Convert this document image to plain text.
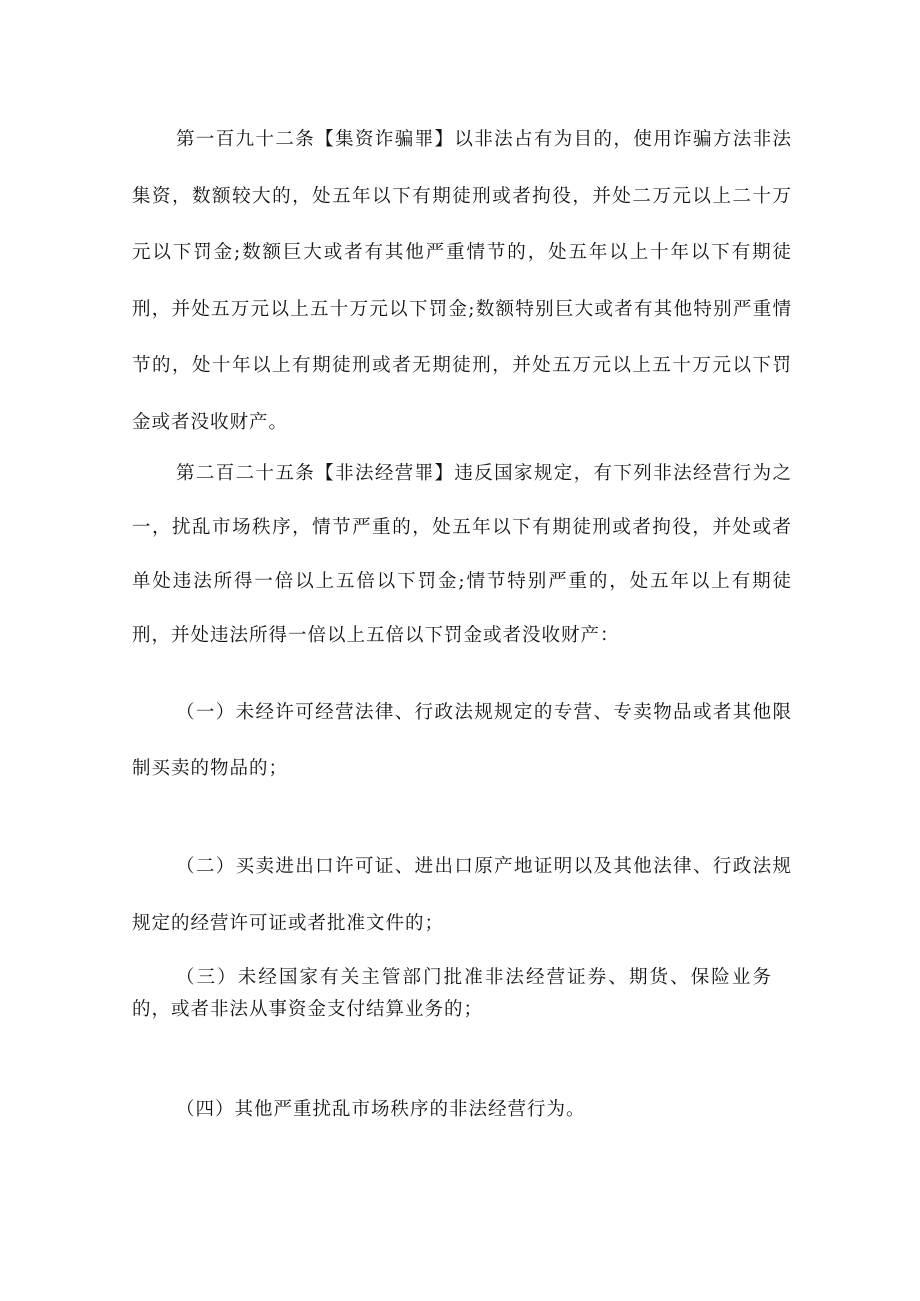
第一百九十二条【集资诈骗罪】以非法占有为目的，使用诈骗方法非法集资，数额较大的，处五年以下有期徒刑或者拘役，并处二万元以上二十万元以下罚金;数额巨大或者有其他严重情节的，处五年以上十年以下有期徒刑，并处五万元以上五十万元以下罚金;数额特别巨大或者有其他特别严重情节的，处十年以上有期徒刑或者无期徒刑，并处五万元以上五十万元以下罚金或者没收财产。

第二百二十五条【非法经营罪】违反国家规定，有下列非法经营行为之一，扰乱市场秩序，情节严重的，处五年以下有期徒刑或者拘役，并处或者单处违法所得一倍以上五倍以下罚金;情节特别严重的，处五年以上有期徒刑，并处违法所得一倍以上五倍以下罚金或者没收财产：

（一）未经许可经营法律、行政法规规定的专营、专卖物品或者其他限制买卖的物品的；

（二）买卖进出口许可证、进出口原产地证明以及其他法律、行政法规规定的经营许可证或者批准文件的；

（三）未经国家有关主管部门批准非法经营证券、期货、保险业务的，或者非法从事资金支付结算业务的；

（四）其他严重扰乱市场秩序的非法经营行为。
